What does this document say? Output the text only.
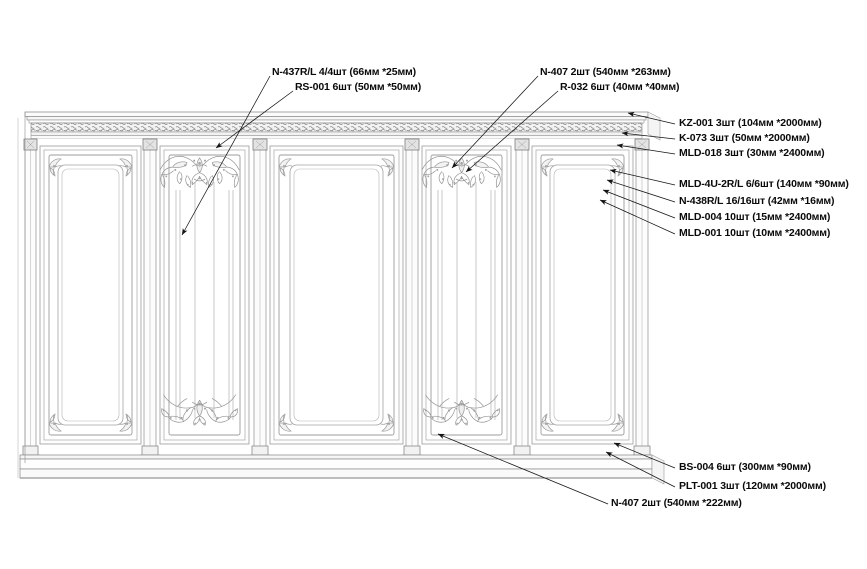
N-437R/L 4/4шт (66мм *25мм)
RS-001 6шт (50мм *50мм)
N-407 2шт (540мм *263мм)
R-032 6шт (40мм *40мм)
KZ-001 3шт (104мм *2000мм)
K-073 3шт (50мм *2000мм)
MLD-018 3шт (30мм *2400мм)
MLD-4U-2R/L 6/6шт (140мм *90мм)
N-438R/L 16/16шт (42мм *16мм)
MLD-004 10шт (15мм *2400мм)
MLD-001 10шт (10мм *2400мм)
BS-004 6шт (300мм *90мм)
PLT-001 3шт (120мм *2000мм)
N-407 2шт (540мм *222мм)
